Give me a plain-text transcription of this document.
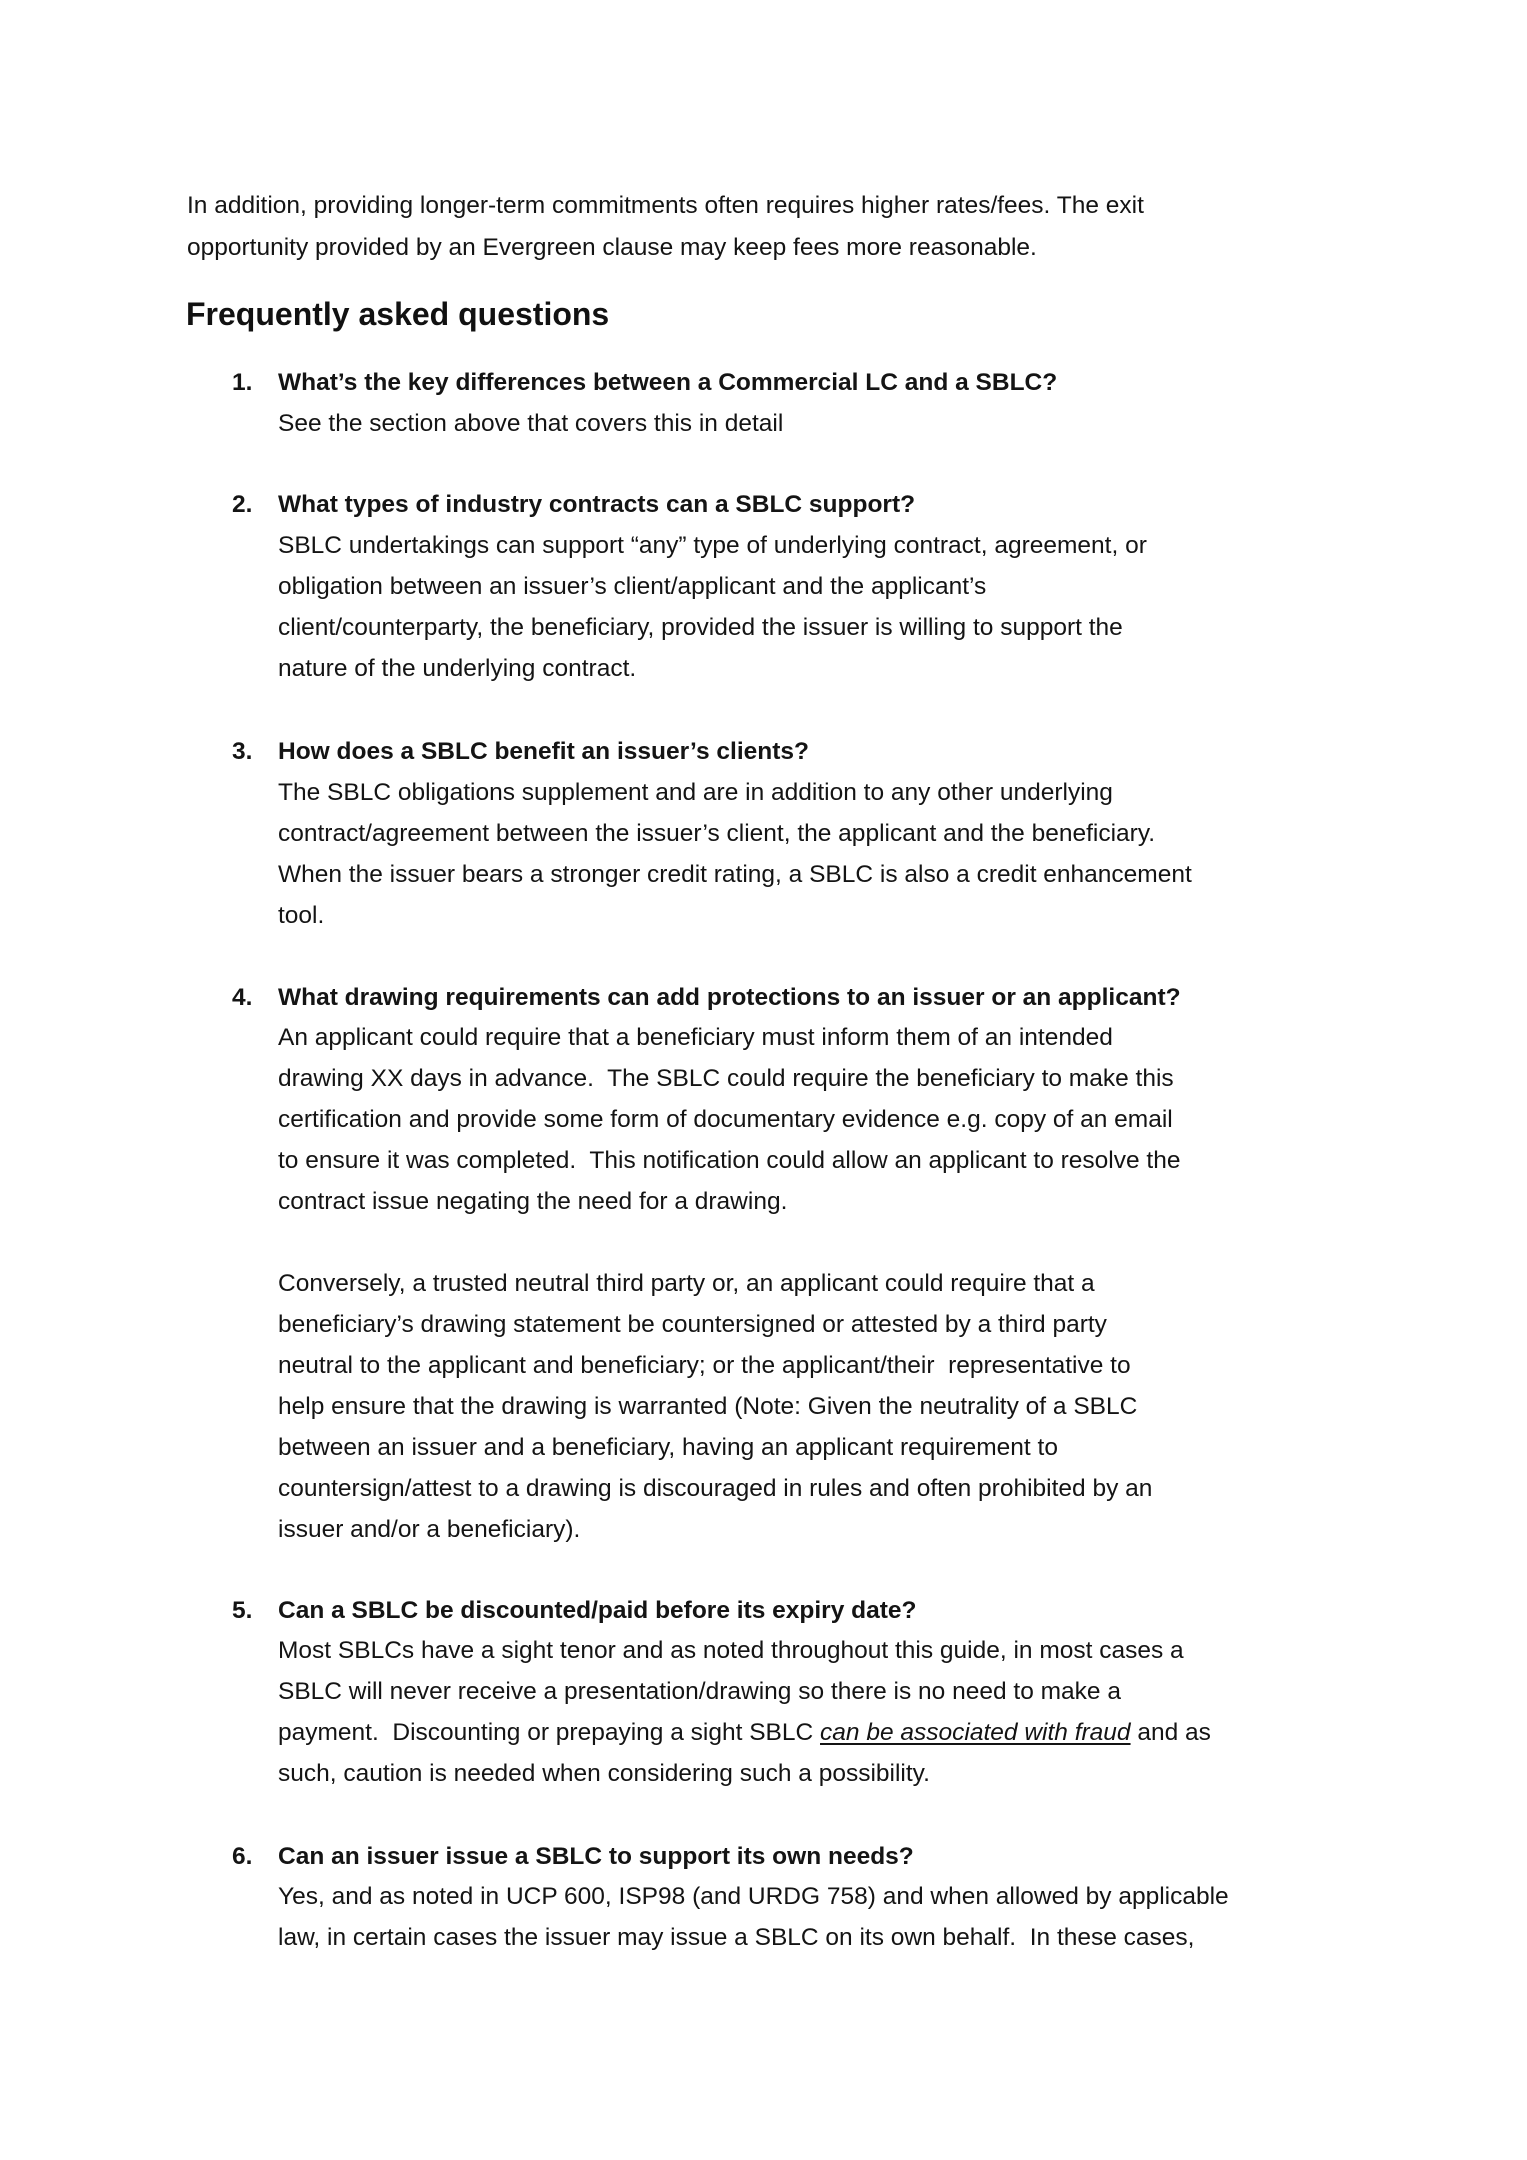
In addition, providing longer-term commitments often requires higher rates/fees. The exit
opportunity provided by an Evergreen clause may keep fees more reasonable.
Frequently asked questions
1. What’s the key differences between a Commercial LC and a SBLC?
See the section above that covers this in detail
2. What types of industry contracts can a SBLC support?
SBLC undertakings can support “any” type of underlying contract, agreement, or
obligation between an issuer’s client/applicant and the applicant’s
client/counterparty, the beneficiary, provided the issuer is willing to support the
nature of the underlying contract.
3. How does a SBLC benefit an issuer’s clients?
The SBLC obligations supplement and are in addition to any other underlying
contract/agreement between the issuer’s client, the applicant and the beneficiary.
When the issuer bears a stronger credit rating, a SBLC is also a credit enhancement
tool.
4. What drawing requirements can add protections to an issuer or an applicant?
An applicant could require that a beneficiary must inform them of an intended
drawing XX days in advance.  The SBLC could require the beneficiary to make this
certification and provide some form of documentary evidence e.g. copy of an email
to ensure it was completed.  This notification could allow an applicant to resolve the
contract issue negating the need for a drawing.
Conversely, a trusted neutral third party or, an applicant could require that a
beneficiary’s drawing statement be countersigned or attested by a third party
neutral to the applicant and beneficiary; or the applicant/their  representative to
help ensure that the drawing is warranted (Note: Given the neutrality of a SBLC
between an issuer and a beneficiary, having an applicant requirement to
countersign/attest to a drawing is discouraged in rules and often prohibited by an
issuer and/or a beneficiary).
5. Can a SBLC be discounted/paid before its expiry date?
Most SBLCs have a sight tenor and as noted throughout this guide, in most cases a
SBLC will never receive a presentation/drawing so there is no need to make a
payment.  Discounting or prepaying a sight SBLC can be associated with fraud and as
such, caution is needed when considering such a possibility.
6. Can an issuer issue a SBLC to support its own needs?
Yes, and as noted in UCP 600, ISP98 (and URDG 758) and when allowed by applicable
law, in certain cases the issuer may issue a SBLC on its own behalf.  In these cases,
